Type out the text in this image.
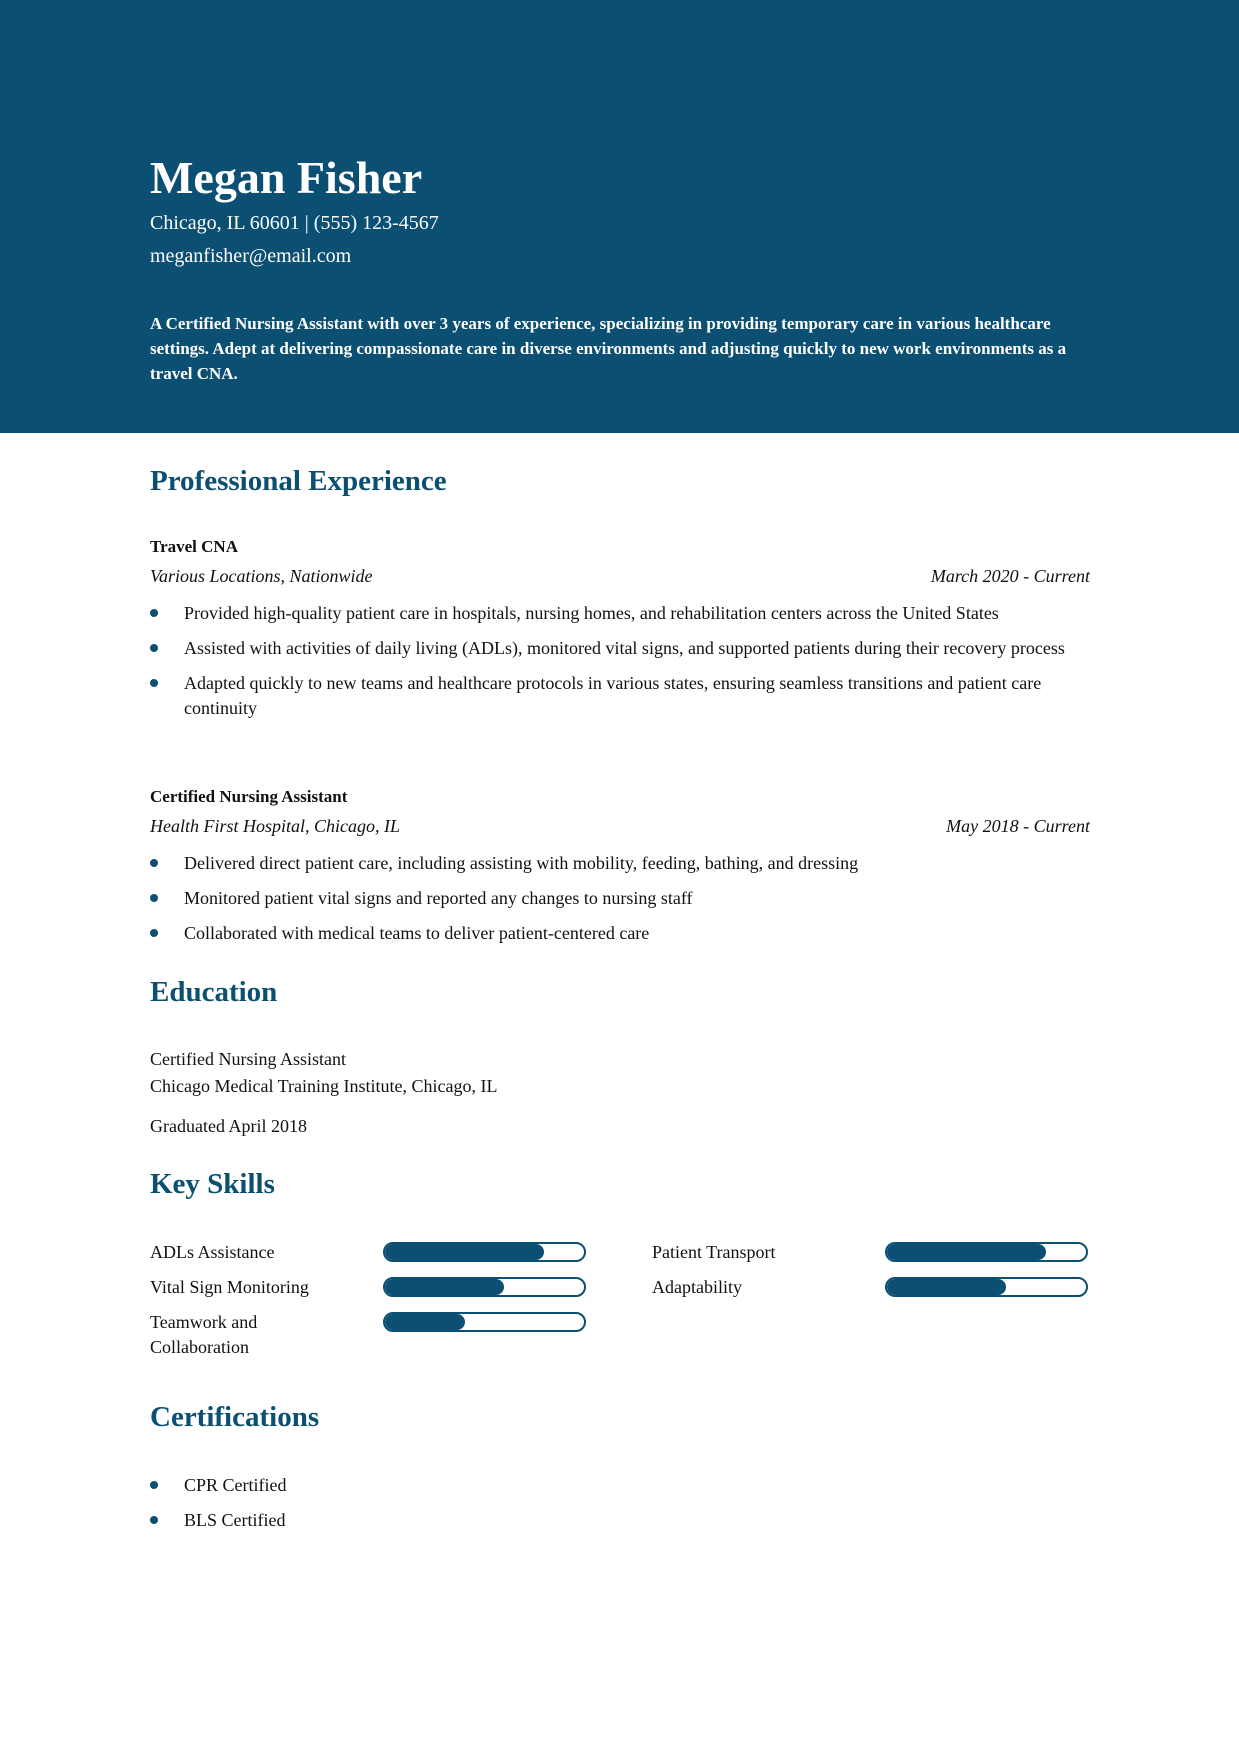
Megan Fisher
Chicago, IL 60601 | (555) 123-4567
meganfisher@email.com
A Certified Nursing Assistant with over 3 years of experience, specializing in providing temporary care in various healthcare settings. Adept at delivering compassionate care in diverse environments and adjusting quickly to new work environments as a travel CNA.
Professional Experience
Travel CNA
Various Locations, Nationwide	March 2020 - Current
Provided high-quality patient care in hospitals, nursing homes, and rehabilitation centers across the United States
Assisted with activities of daily living (ADLs), monitored vital signs, and supported patients during their recovery process
Adapted quickly to new teams and healthcare protocols in various states, ensuring seamless transitions and patient care continuity
Certified Nursing Assistant
Health First Hospital, Chicago, IL	May 2018 - Current
Delivered direct patient care, including assisting with mobility, feeding, bathing, and dressing
Monitored patient vital signs and reported any changes to nursing staff
Collaborated with medical teams to deliver patient-centered care
Education
Certified Nursing Assistant
Chicago Medical Training Institute, Chicago, IL
Graduated April 2018
Key Skills
ADLs Assistance	Patient Transport
Vital Sign Monitoring	Adaptability
Teamwork and Collaboration
Certifications
CPR Certified
BLS Certified
